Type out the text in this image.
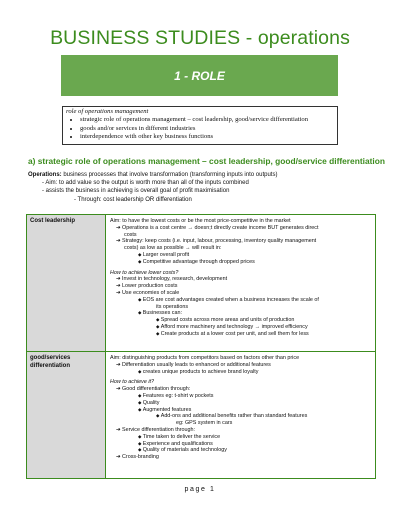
BUSINESS STUDIES - operations
1 - ROLE
role of operations management
• strategic role of operations management – cost leadership, good/service differentiation
• goods and/or services in different industries
• interdependence with other key business functions
a) strategic role of operations management – cost leadership, good/service differentiation
Operations: business processes that involve transformation (transforming inputs into outputs)
- Aim: to add value so the output is worth more than all of the inputs combined
- assists the business in achieving is overall goal of profit maximisation
- Through: cost leadership OR differentiation
Cost leadership	Aim: to have the lowest costs or be the most price-competitive in the market
➔ Operations is a cost centre → doesn;t directly create income BUT generates direct
costs
➔ Strategy: keep costs (i.e. input, labour, processing, inventory quality management
costs) as low as possible → will result in:
◆ Larger overall profit
◆ Competitive advantage through dropped prices
How to achieve lower costs?
➔ Invest in technology, research, development
➔ Lower production costs
➔ Use economies of scale
◆ EOS are cost advantages created when a business increases the scale of
its operations
◆ Businesses can:
◆ Spread costs across more areas and units of production
◆ Afford more machinery and technology → improved efficiency
◆ Create products at a lower cost per unit, and sell them for less
good/services
differentiation
Aim: distinguishing products from competitors based on factors other than price
➔ Differentiation usually leads to enhanced or additional features
◆ creates unique products to achieve brand loyalty
How to achieve it?
➔ Good differentiation through:
◆ Features eg: t-shirt w pockets
◆ Quality
◆ Augmented features
◆ Add-ons and additional benefits rather than standard features
eg: GPS system in cars
➔ Service differentiation through:
◆ Time taken to deliver the service
◆ Experience and qualifications
◆ Quality of materials and technology
➔ Cross-branding
page 1
